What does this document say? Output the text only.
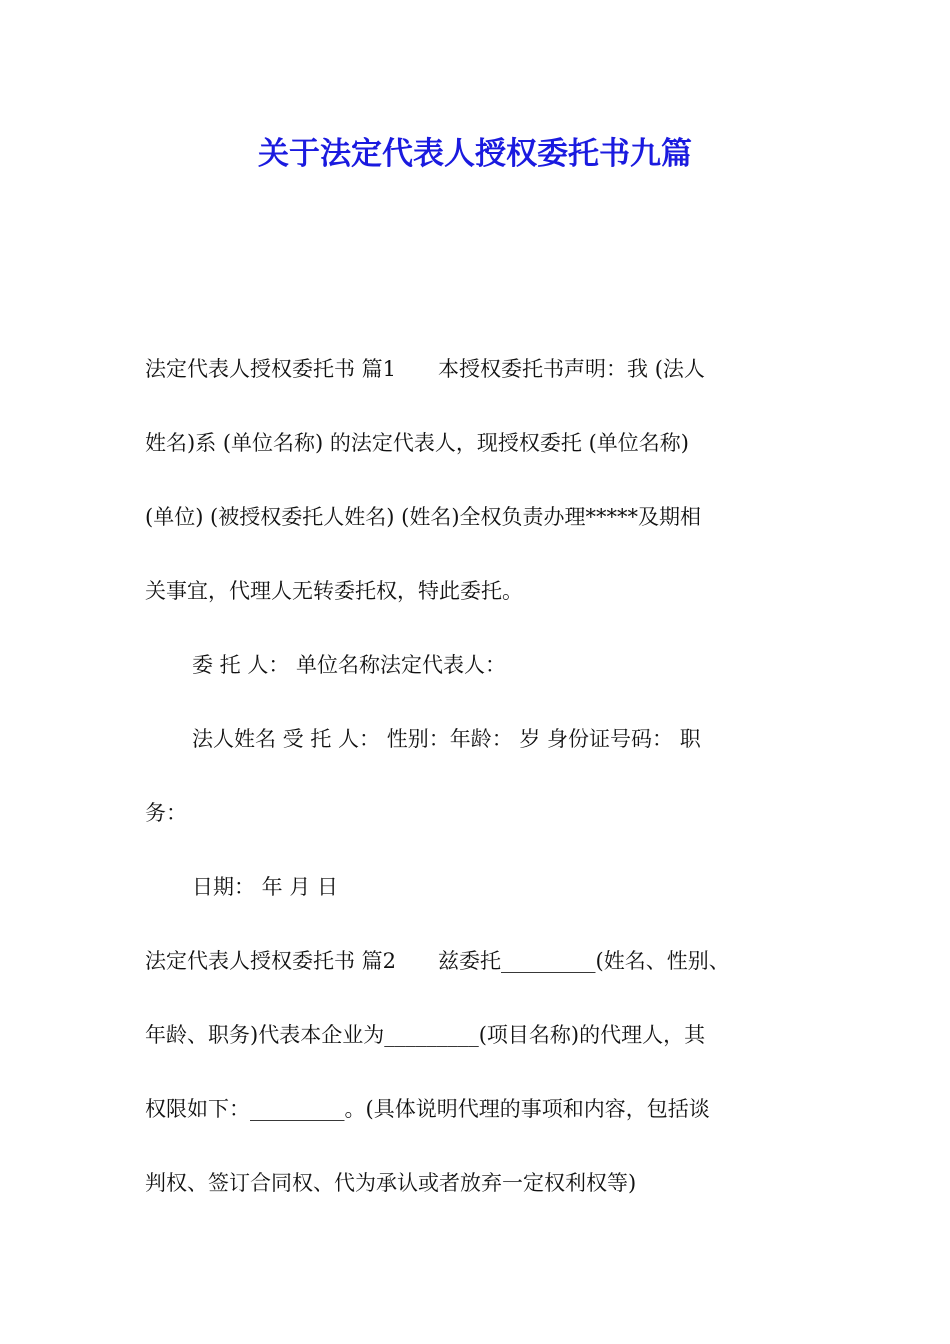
关于法定代表人授权委托书九篇

法定代表人授权委托书 篇1　　本授权委托书声明：我 (法人

姓名)系 (单位名称) 的法定代表人，现授权委托 (单位名称)

(单位) (被授权委托人姓名) (姓名)全权负责办理*****及期相

关事宜，代理人无转委托权，特此委托。

委 托 人： 单位名称法定代表人：

法人姓名 受 托 人： 性别：年龄： 岁 身份证号码： 职

务：

日期： 年 月 日

法定代表人授权委托书 篇2　　兹委托_________(姓名、性别、

年龄、职务)代表本企业为_________(项目名称)的代理人，其

权限如下：_________。(具体说明代理的事项和内容，包括谈

判权、签订合同权、代为承认或者放弃一定权利权等)
